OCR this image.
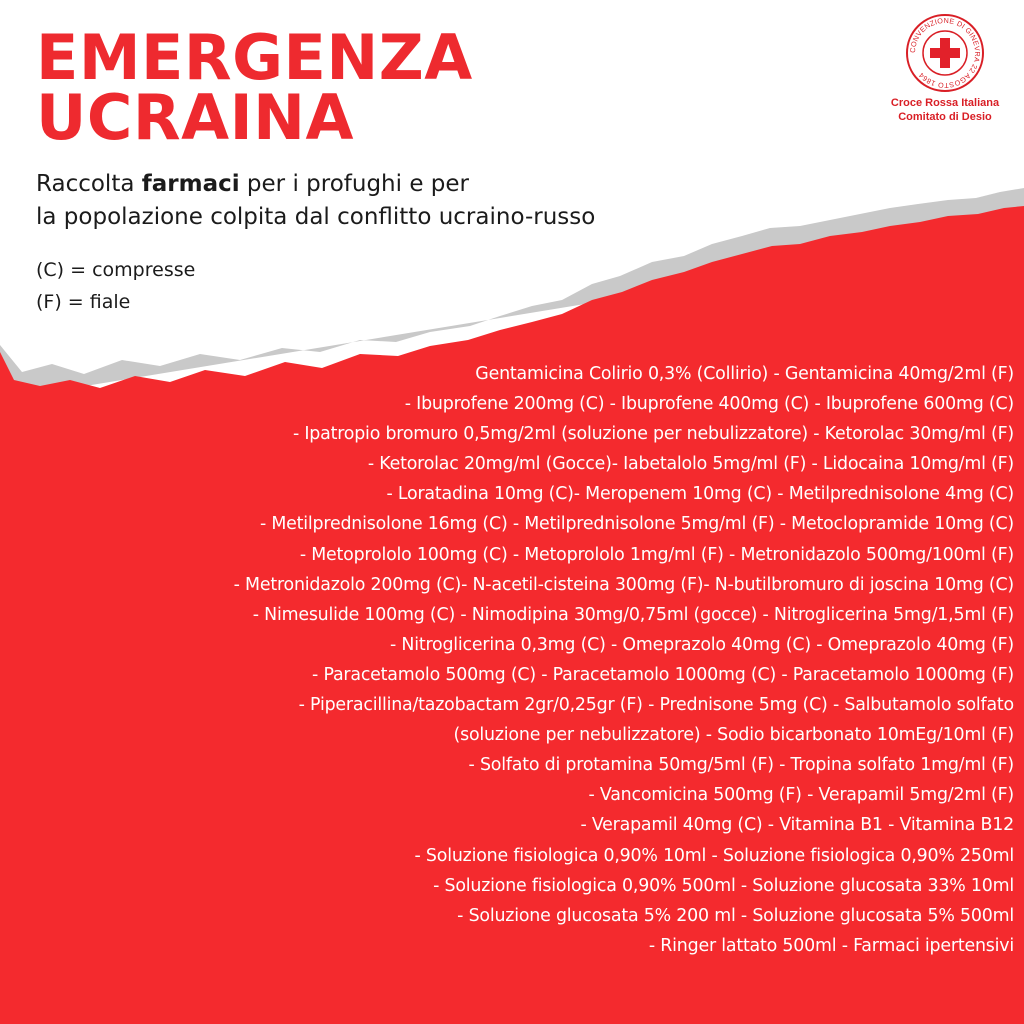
EMERGENZA
UCRAINA

Raccolta farmaci per i profughi e per
la popolazione colpita dal conflitto ucraino-russo

(C) = compresse
(F) = fiale

CONVENZIONE DI GINEVRA 22 AGOSTO 1864
Croce Rossa Italiana
Comitato di Desio
Gentamicina Colirio 0,3% (Collirio) - Gentamicina 40mg/2ml (F)
- Ibuprofene 200mg (C) - Ibuprofene 400mg (C) - Ibuprofene 600mg (C)
- Ipatropio bromuro 0,5mg/2ml (soluzione per nebulizzatore) - Ketorolac 30mg/ml (F)
- Ketorolac 20mg/ml (Gocce)- Iabetalolo 5mg/ml (F) - Lidocaina 10mg/ml (F)
- Loratadina 10mg (C)- Meropenem 10mg (C) - Metilprednisolone 4mg (C)
- Metilprednisolone 16mg (C) - Metilprednisolone 5mg/ml (F) - Metoclopramide 10mg (C)
- Metoprololo 100mg (C) - Metoprololo 1mg/ml (F) - Metronidazolo 500mg/100ml (F)
- Metronidazolo 200mg (C)- N-acetil-cisteina 300mg (F)- N-butilbromuro di joscina 10mg (C)
- Nimesulide 100mg (C) - Nimodipina 30mg/0,75ml (gocce) - Nitroglicerina 5mg/1,5ml (F)
- Nitroglicerina 0,3mg (C) - Omeprazolo 40mg (C) - Omeprazolo 40mg (F)
- Paracetamolo 500mg (C) - Paracetamolo 1000mg (C) - Paracetamolo 1000mg (F)
- Piperacillina/tazobactam 2gr/0,25gr (F) - Prednisone 5mg (C) - Salbutamolo solfato
(soluzione per nebulizzatore) - Sodio bicarbonato 10mEg/10ml (F)
- Solfato di protamina 50mg/5ml (F) - Tropina solfato 1mg/ml (F)
- Vancomicina 500mg (F) - Verapamil 5mg/2ml (F)
- Verapamil 40mg (C) - Vitamina B1 - Vitamina B12
- Soluzione fisiologica 0,90% 10ml - Soluzione fisiologica 0,90% 250ml
- Soluzione fisiologica 0,90% 500ml - Soluzione glucosata 33% 10ml
- Soluzione glucosata 5% 200 ml - Soluzione glucosata 5% 500ml
- Ringer lattato 500ml - Farmaci ipertensivi
